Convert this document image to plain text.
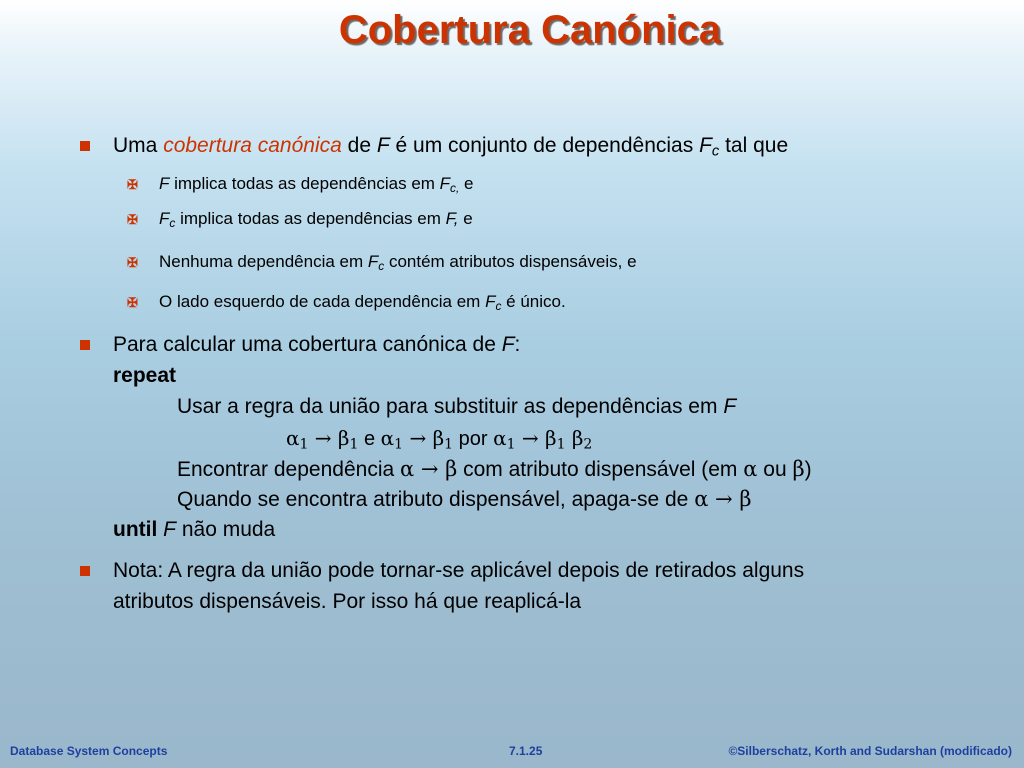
Cobertura Canónica
Uma cobertura canónica de F é um conjunto de dependências $F_c$ tal que
✠ F implica todas as dependências em $F_{c,}$ e
✠ $F_c$ implica todas as dependências em F, e
✠ Nenhuma dependência em $F_c$ contém atributos dispensáveis, e
✠ O lado esquerdo de cada dependência em $F_c$ é único.
Para calcular uma cobertura canónica de F:
repeat
Usar a regra da união para substituir as dependências em F
$\alpha_1 \to \beta_1$ e $\alpha_1 \to \beta_1$ por $\alpha_1 \to \beta_1$ $\beta_2$
Encontrar dependência α → β com atributo dispensável (em α ou β)
Quando se encontra atributo dispensável, apaga-se de α → β
until F não muda
Nota: A regra da união pode tornar-se aplicável depois de retirados alguns
atributos dispensáveis. Por isso há que reaplicá-la
Database System Concepts	7.1.25	©Silberschatz, Korth and Sudarshan (modificado)
